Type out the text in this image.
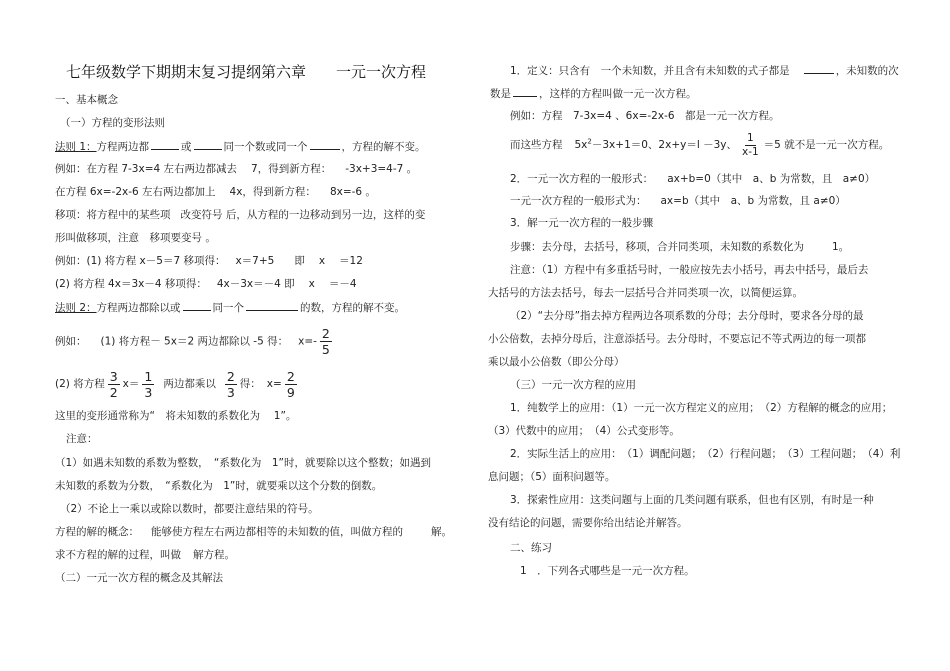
七年级数学下期期末复习提纲第六章　　一元一次方程
一、基本概念
（一）方程的变形法则
法则 1：方程两边都	或	同一个数或同一个	，方程的解不变。
例如：在方程 7-3x=4 左右两边都减去 7，得到新方程： -3x+3=4-7 。
在方程 6x=-2x-6 左右两边都加上 4x，得到新方程： 8x=-6 。
移项：将方程中的某些项 改变符号 后，从方程的一边移动到另一边，这样的变
形叫做移项，注意　移项要变号 。
例如：(1) 将方程 x－5＝7 移项得： x＝7+5 即 x ＝12
(2) 将方程 4x＝3x－4 移项得： 4x－3x＝－4 即 x ＝－4
法则 2：方程两边都除以或	同一个	的数，方程的解不变。
例如： (1) 将方程－ 5x＝2 两边都除以 -5 得： $x=- \frac{2}{5}$
(2) 将方程 $\frac{3}{2} x= \frac{1}{3}$ 两边都乘以 $\frac{2}{3}$ 得： $x= \frac{2}{9}$
这里的变形通常称为“　将未知数的系数化为　 1”。
注意：
（1）如遇未知数的系数为整数，　“系数化为　1”时，就要除以这个整数；如遇到
未知数的系数为分数，　“系数化为　1”时，就要乘以这个分数的倒数。
（2）不论上一乘以或除以数时，都要注意结果的符号。
方程的解的概念： 能够使方程左右两边都相等的未知数的值，叫做方程的	解。
求不方程的解的过程，叫做 解方程。
（二）一元一次方程的概念及其解法
1．定义：只含有　一个未知数，并且含有未知数的式子都是	，未知数的次
数是	，这样的方程叫做一元一次方程。
例如：方程　7-3x=4 、6x=-2x-6　都是一元一次方程。
而这些方程 $5x^2-3x+1=0$、2x+y＝l －3y、 $\frac{1}{x-1} =5$ 就不是一元一次方程。
2．一元一次方程的一般形式： ax+b=0（其中　a、b 为常数，且　a≠0）
一元一次方程的一般形式为： ax=b（其中　a、b 为常数，且 a≠0）
3．解一元一次方程的一般步骤
步骤：去分母，去括号，移项，合并同类项，未知数的系数化为	1。
注意：（1）方程中有多重括号时，一般应按先去小括号，再去中括号，最后去
大括号的方法去括号，每去一层括号合并同类项一次，以简便运算。
（2）“去分母”指去掉方程两边各项系数的分母；去分母时，要求各分母的最
小公倍数，去掉分母后，注意添括号。去分母时，不要忘记不等式两边的每一项都
乘以最小公倍数（即公分母）
（三）一元一次方程的应用
1．纯数学上的应用：（1）一元一次方程定义的应用；　（2）方程解的概念的应用；
（3）代数中的应用；　（4）公式变形等。
2．实际生活上的应用：　（1）调配问题；　（2）行程问题；　（3）工程问题；　（4）利
息问题；（5）面积问题等。
3．探索性应用：这类问题与上面的几类问题有联系，但也有区别，有时是一种
没有结论的问题，需要你给出结论并解答。
二、练习
1　．下列各式哪些是一元一次方程。
